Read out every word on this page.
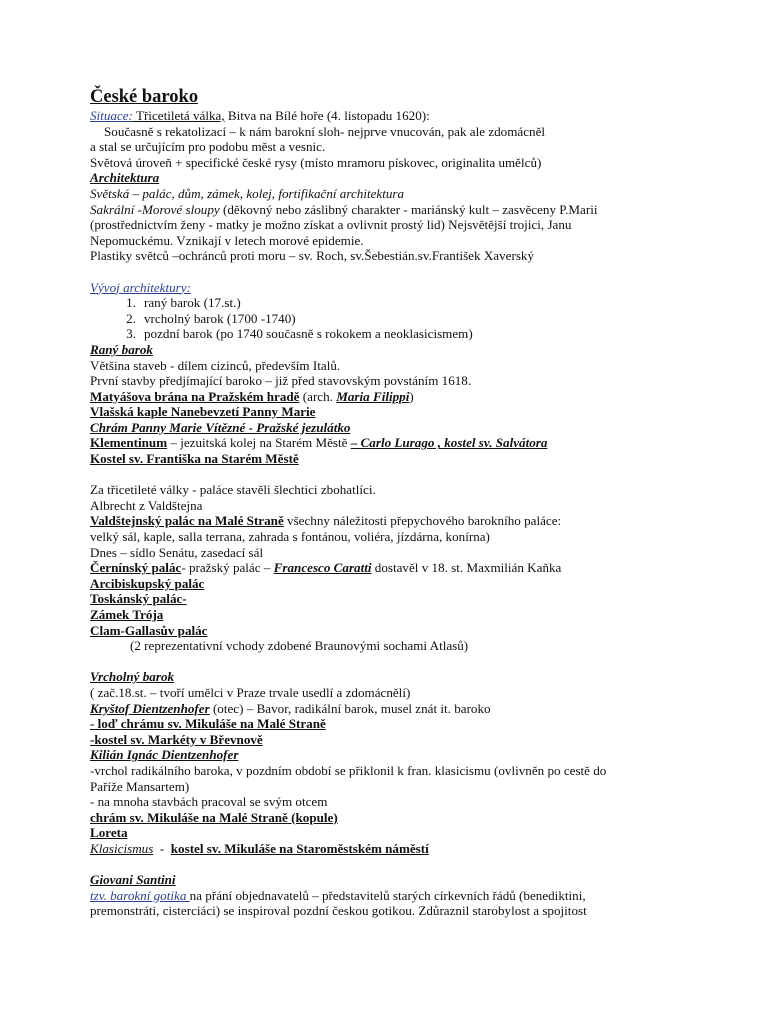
České baroko
Situace: Třicetiletá válka, Bitva na Bílé hoře (4. listopadu 1620):
Současně s rekatolizací – k nám barokní sloh- nejprve vnucován, pak ale zdomácněl
a stal se určujícím pro podobu měst a vesnic.
Světová úroveň + specifické české rysy (místo mramoru pískovec, originalita umělců)
Architektura
Světská – palác, dům, zámek, kolej, fortifikační architektura
Sakrální -Morové sloupy (děkovný nebo záslibný charakter - mariánský kult – zasvěceny P.Marii
(prostřednictvím ženy - matky je možno získat a ovlivnit prostý lid) Nejsvětější trojici, Janu
Nepomuckému. Vznikají v letech morové epidemie.
Plastiky světců –ochránců proti moru – sv. Roch, sv.Šebestián.sv.František Xaverský
Vývoj architektury:
1. raný barok (17.st.)
2. vrcholný barok (1700 -1740)
3. pozdní barok (po 1740 současně s rokokem a neoklasicismem)
Raný barok
Většina staveb - dílem cizinců, především Italů.
První stavby předjímající baroko – již před stavovským povstáním 1618.
Matyášova brána na Pražském hradě (arch. Maria Filippi)
Vlašská kaple Nanebevzetí Panny Marie
Chrám Panny Marie Vítězné - Pražské jezulátko
Klementinum – jezuitská kolej na Starém Městě – Carlo Lurago , kostel sv. Salvátora
Kostel sv. Františka na Starém Městě
Za třicetileté války - paláce stavěli šlechtici zbohatlíci.
Albrecht z Valdštejna
Valdštejnský palác na Malé Straně všechny náležitosti přepychového barokního paláce:
velký sál, kaple, salla terrana, zahrada s fontánou, voliéra, jízdárna, konírna)
Dnes – sídlo Senátu, zasedací sál
Černínský palác- pražský palác – Francesco Caratti dostavěl v 18. st. Maxmilián Kaňka
Arcibiskupský palác
Toskánský palác-
Zámek Trója
Clam-Gallasův palác
(2 reprezentativní vchody zdobené Braunovými sochami Atlasů)
Vrcholný barok
( zač.18.st. – tvoří umělci v Praze trvale usedlí a zdomácnělí)
Kryštof Dientzenhofer (otec) – Bavor, radikální barok, musel znát it. baroko
- loď chrámu sv. Mikuláše na Malé Straně
-kostel sv. Markéty v Břevnově
Kilián Ignác Dientzenhofer
-vrchol radikálního baroka, v pozdním období se přiklonil k fran. klasicismu (ovlivněn po cestě do
Paříže Mansartem)
- na mnoha stavbách pracoval se svým otcem
chrám sv. Mikuláše na Malé Straně (kopule)
Loreta
Klasicismus  -  kostel sv. Mikuláše na Staroměstském náměstí
Giovani Santini
tzv. barokní gotika na přání objednavatelů – představitelů starých církevních řádů (benediktini,
premonstráti, cisterciáci) se inspiroval pozdní českou gotikou. Zdůraznil starobylost a spojitost
